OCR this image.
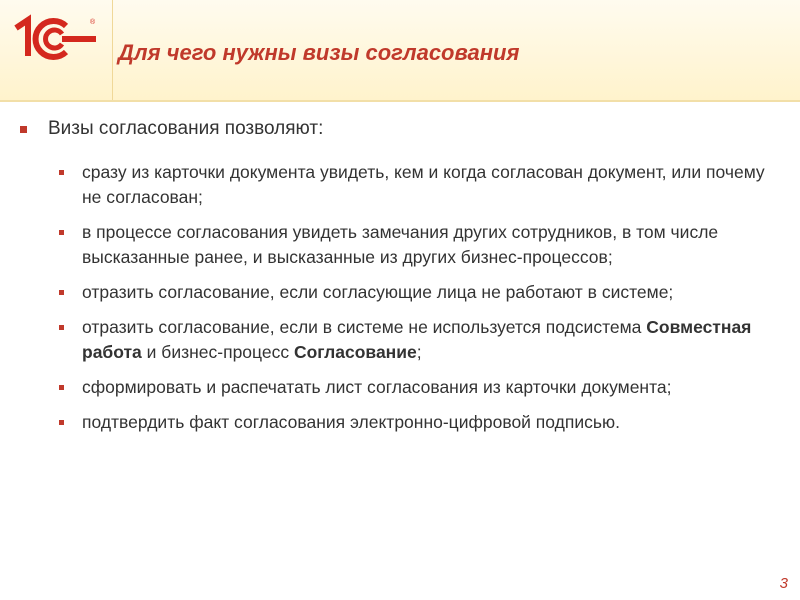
®
Для чего нужны визы согласования
Визы согласования позволяют:
сразу из карточки документа увидеть, кем и когда согласован документ, или почему не согласован;
в процессе согласования увидеть замечания других сотрудников, в том числе высказанные ранее, и высказанные из других бизнес-процессов;
отразить согласование, если согласующие лица не работают в системе;
отразить согласование, если в системе не используется подсистема Совместная работа и бизнес-процесс Согласование;
сформировать и распечатать лист согласования из карточки документа;
подтвердить факт согласования электронно-цифровой подписью.
3
